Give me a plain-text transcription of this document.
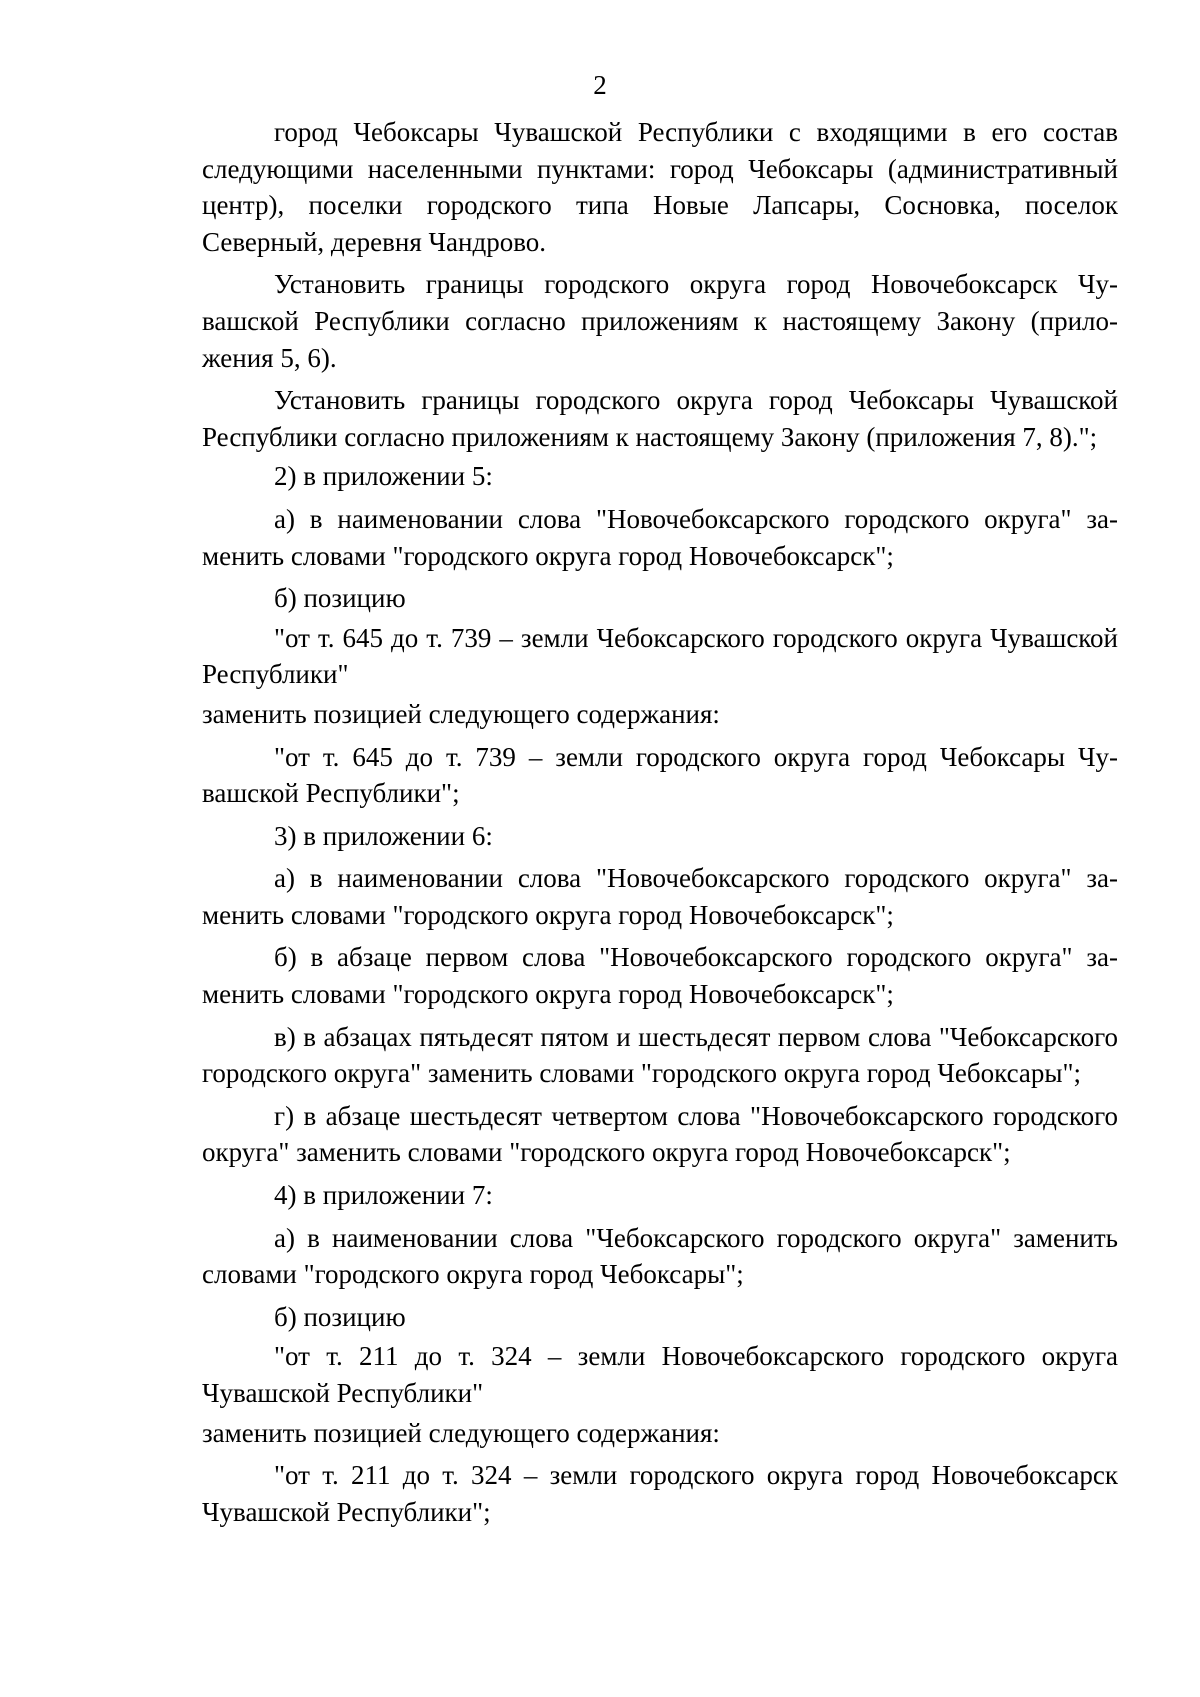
2

город Чебоксары Чувашской Республики с входящими в его состав следующими населенными пунктами: город Чебоксары (административный центр), поселки городского типа Новые Лапсары, Сосновка, поселок Северный, деревня Чандрово.

Установить границы городского округа город Новочебоксарск Чувашской Республики согласно приложениям к настоящему Закону (приложения 5, 6).

Установить границы городского округа город Чебоксары Чувашской Республики согласно приложениям к настоящему Закону (приложения 7, 8).";

2) в приложении 5:

а) в наименовании слова "Новочебоксарского городского округа" заменить словами "городского округа город Новочебоксарск";

б) позицию

"от т. 645 до т. 739 – земли Чебоксарского городского округа Чувашской Республики"

заменить позицией следующего содержания:

"от т. 645 до т. 739 – земли городского округа город Чебоксары Чувашской Республики";

3) в приложении 6:

а) в наименовании слова "Новочебоксарского городского округа" заменить словами "городского округа город Новочебоксарск";

б) в абзаце первом слова "Новочебоксарского городского округа" заменить словами "городского округа город Новочебоксарск";

в) в абзацах пятьдесят пятом и шестьдесят первом слова "Чебоксарского городского округа" заменить словами "городского округа город Чебоксары";

г) в абзаце шестьдесят четвертом слова "Новочебоксарского городского округа" заменить словами "городского округа город Новочебоксарск";

4) в приложении 7:

а) в наименовании слова "Чебоксарского городского округа" заменить словами "городского округа город Чебоксары";

б) позицию

"от т. 211 до т. 324 – земли Новочебоксарского городского округа Чувашской Республики"

заменить позицией следующего содержания:

"от т. 211 до т. 324 – земли городского округа город Новочебоксарск Чувашской Республики";
